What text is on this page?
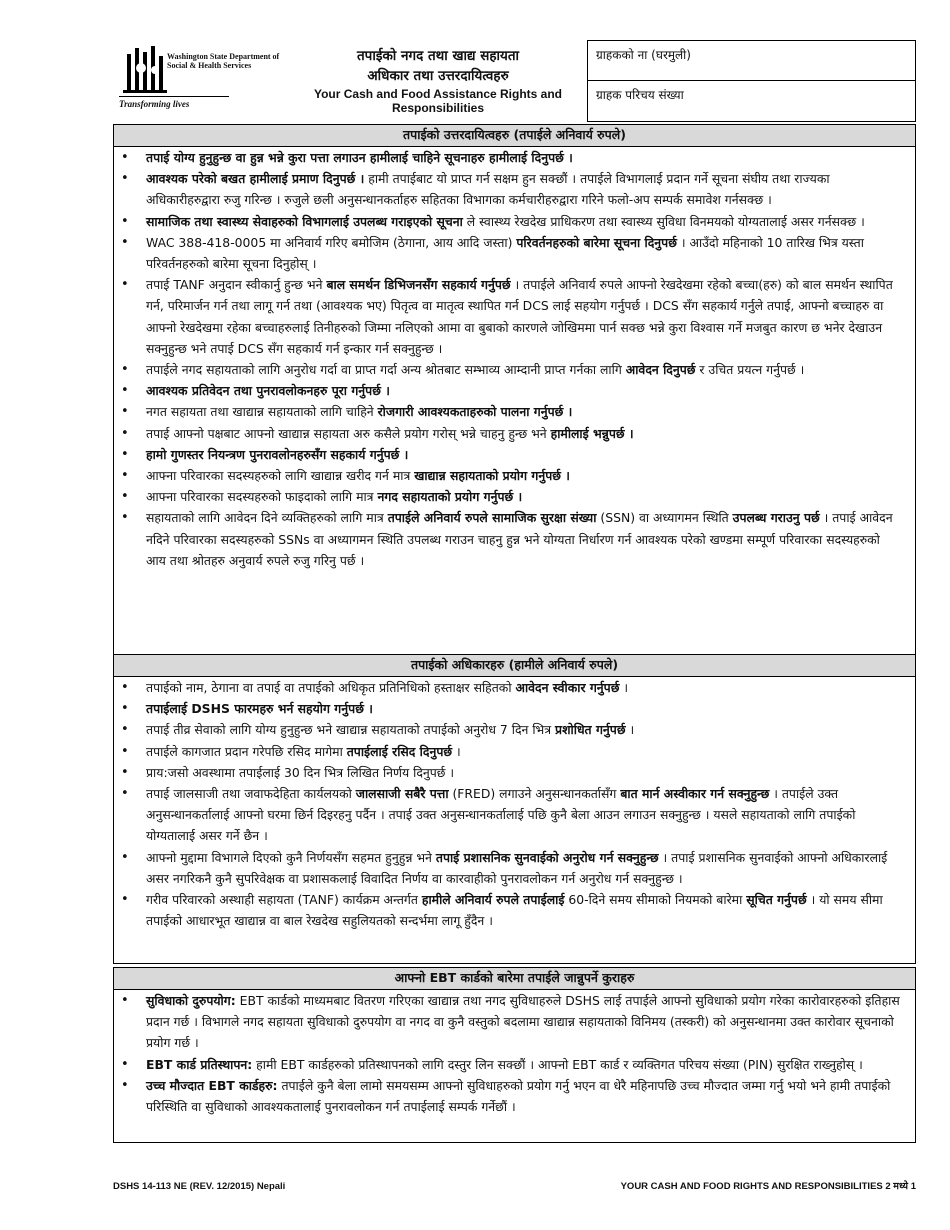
Washington State Department of Social & Health Services
Transforming lives
तपाईको नगद तथा खाद्य सहायता
अधिकार तथा उत्तरदायित्वहरु
Your Cash and Food Assistance Rights and Responsibilities
ग्राहकको ना (घरमुली)
ग्राहक परिचय संख्या
तपाईको उत्तरदायित्वहरु (तपाईले अनिवार्य रुपले)
• तपाई योग्य हुनुहुन्छ वा हुन्न भन्ने कुरा पत्ता लगाउन हामीलाई चाहिने सूचनाहरु हामीलाई दिनुपर्छ ।
• आवश्यक परेको बखत हामीलाई प्रमाण दिनुपर्छ । हामी तपाईबाट यो प्राप्त गर्न सक्षम हुन सक्छौं । तपाईले विभागलाई प्रदान गर्ने सूचना संघीय तथा राज्यका अधिकारीहरुद्वारा रुजु गरिन्छ । रुजुले छली अनुसन्धानकर्ताहरु सहितका विभागका कर्मचारीहरुद्वारा गरिने फलो-अप सम्पर्क समावेश गर्नसक्छ ।
• सामाजिक तथा स्वास्थ्य सेवाहरुको विभागलाई उपलब्ध गराइएको सूचना ले स्वास्थ्य रेखदेख प्राधिकरण तथा स्वास्थ्य सुविधा विनमयको योग्यतालाई असर गर्नसक्छ ।
• WAC 388-418-0005 मा अनिवार्य गरिए बमोजिम (ठेगाना, आय आदि जस्ता) परिवर्तनहरुको बारेमा सूचना दिनुपर्छ । आउँदो महिनाको 10 तारिख भित्र यस्ता परिवर्तनहरुको बारेमा सूचना दिनुहोस् ।
• तपाई TANF अनुदान स्वीकार्नु हुन्छ भने बाल समर्थन डिभिजनसँग सहकार्य गर्नुपर्छ । तपाईले अनिवार्य रुपले आफ्नो रेखदेखमा रहेको बच्चा(हरु) को बाल समर्थन स्थापित गर्न, परिमार्जन गर्न तथा लागू गर्न तथा (आवश्यक भए) पितृत्व वा मातृत्व स्थापित गर्न DCS लाई सहयोग गर्नुपर्छ । DCS सँग सहकार्य गर्नुले तपाई, आफ्नो बच्चाहरु वा आफ्नो रेखदेखमा रहेका बच्चाहरुलाई तिनीहरुको जिम्मा नलिएको आमा वा बुबाको कारणले जोखिममा पार्न सक्छ भन्ने कुरा विश्वास गर्ने मजबुत कारण छ भनेर देखाउन सक्नुहुन्छ भने तपाई DCS सँग सहकार्य गर्न इन्कार गर्न सक्नुहुन्छ ।
• तपाईले नगद सहायताको लागि अनुरोध गर्दा वा प्राप्त गर्दा अन्य श्रोतबाट सम्भाव्य आम्दानी प्राप्त गर्नका लागि आवेदन दिनुपर्छ र उचित प्रयत्न गर्नुपर्छ ।
• आवश्यक प्रतिवेदन तथा पुनरावलोकनहरु पूरा गर्नुपर्छ ।
• नगत सहायता तथा खाद्यान्न सहायताको लागि चाहिने रोजगारी आवश्यकताहरुको पालना गर्नुपर्छ ।
• तपाई आफ्नो पक्षबाट आफ्नो खाद्यान्न सहायता अरु कसैले प्रयोग गरोस् भन्ने चाहनु हुन्छ भने हामीलाई भन्नुपर्छ ।
• हामो गुणस्तर नियन्त्रण पुनरावलोनहरुसँग सहकार्य गर्नुपर्छ ।
• आफ्ना परिवारका सदस्यहरुको लागि खाद्यान्न खरीद गर्न मात्र खाद्यान्न सहायताको प्रयोग गर्नुपर्छ ।
• आफ्ना परिवारका सदस्यहरुको फाइदाको लागि मात्र नगद सहायताको प्रयोग गर्नुपर्छ ।
• सहायताको लागि आवेदन दिने व्यक्तिहरुको लागि मात्र तपाईले अनिवार्य रुपले सामाजिक सुरक्षा संख्या (SSN) वा अध्यागमन स्थिति उपलब्ध गराउनु पर्छ । तपाई आवेदन नदिने परिवारका सदस्यहरुको SSNs वा अध्यागमन स्थिति उपलब्ध गराउन चाहनु हुन्न भने योग्यता निर्धारण गर्न आवश्यक परेको खण्डमा सम्पूर्ण परिवारका सदस्यहरुको आय तथा श्रोतहरु अनुवार्य रुपले रुजु गरिनु पर्छ ।
तपाईको अधिकारहरु (हामीले अनिवार्य रुपले)
• तपाईको नाम, ठेगाना वा तपाई वा तपाईको अधिकृत प्रतिनिधिको हस्ताक्षर सहितको आवेदन स्वीकार गर्नुपर्छ ।
• तपाईलाई DSHS फारमहरु भर्न सहयोग गर्नुपर्छ ।
• तपाई तीव्र सेवाको लागि योग्य हुनुहुन्छ भने खाद्यान्न सहायताको तपाईको अनुरोध 7 दिन भित्र प्रशोधित गर्नुपर्छ ।
• तपाईले कागजात प्रदान गरेपछि रसिद मागेमा तपाईलाई रसिद दिनुपर्छ ।
• प्राय:जसो अवस्थामा तपाईलाई 30 दिन भित्र लिखित निर्णय दिनुपर्छ ।
• तपाई जालसाजी तथा जवाफदेहिता कार्यलयको जालसाजी सबैरै पत्ता (FRED) लगाउने अनुसन्धानकर्तासँग बात मार्न अस्वीकार गर्न सक्नुहुन्छ । तपाईले उक्त अनुसन्धानकर्तालाई आफ्नो घरमा छिर्न दिइरहनु पर्दैन । तपाई उक्त अनुसन्धानकर्तालाई पछि कुनै बेला आउन लगाउन सक्नुहुन्छ । यसले सहायताको लागि तपाईको योग्यतालाई असर गर्ने छैन ।
• आफ्नो मुद्दामा विभागले दिएको कुनै निर्णयसँग सहमत हुनुहुन्न भने तपाई प्रशासनिक सुनवाईको अनुरोध गर्न सक्नुहुन्छ । तपाई प्रशासनिक सुनवाईको आफ्नो अधिकारलाई असर नगरिकनै कुनै सुपरिवेक्षक वा प्रशासकलाई विवादित निर्णय वा कारवाहीको पुनरावलोकन गर्न अनुरोध गर्न सक्नुहुन्छ ।
• गरीव परिवारको अस्थाही सहायता (TANF) कार्यक्रम अन्तर्गत हामीले अनिवार्य रुपले तपाईलाई 60-दिने समय सीमाको नियमको बारेमा सूचित गर्नुपर्छ । यो समय सीमा तपाईको आधारभूत खाद्यान्न वा बाल रेखदेख सहुलियतको सन्दर्भमा लागू हुँदैन ।
आफ्नो EBT कार्डको बारेमा तपाईले जान्नुपर्ने कुराहरु
• सुविधाको दुरुपयोग: EBT कार्डको माध्यमबाट वितरण गरिएका खाद्यान्न तथा नगद सुविधाहरुले DSHS लाई तपाईले आफ्नो सुविधाको प्रयोग गरेका कारोवारहरुको इतिहास प्रदान गर्छ । विभागले नगद सहायता सुविधाको दुरुपयोग वा नगद वा कुनै वस्तुको बदलामा खाद्यान्न सहायताको विनिमय (तस्करी) को अनुसन्धानमा उक्त कारोवार सूचनाको प्रयोग गर्छ ।
• EBT कार्ड प्रतिस्थापन: हामी EBT कार्डहरुको प्रतिस्थापनको लागि दस्तुर लिन सक्छौं । आफ्नो EBT कार्ड र व्यक्तिगत परिचय संख्या (PIN) सुरक्षित राख्नुहोस् ।
• उच्च मौज्दात EBT कार्डहरु: तपाईले कुनै बेला लामो समयसम्म आफ्नो सुविधाहरुको प्रयोग गर्नु भएन वा धेरै महिनापछि उच्च मौज्दात जम्मा गर्नु भयो भने हामी तपाईको परिस्थिति वा सुविधाको आवश्यकतालाई पुनरावलोकन गर्न तपाईलाई सम्पर्क गर्नेछौं ।
DSHS 14-113 NE (REV. 12/2015) Nepali	YOUR CASH AND FOOD RIGHTS AND RESPONSIBILITIES 2 मध्ये 1
